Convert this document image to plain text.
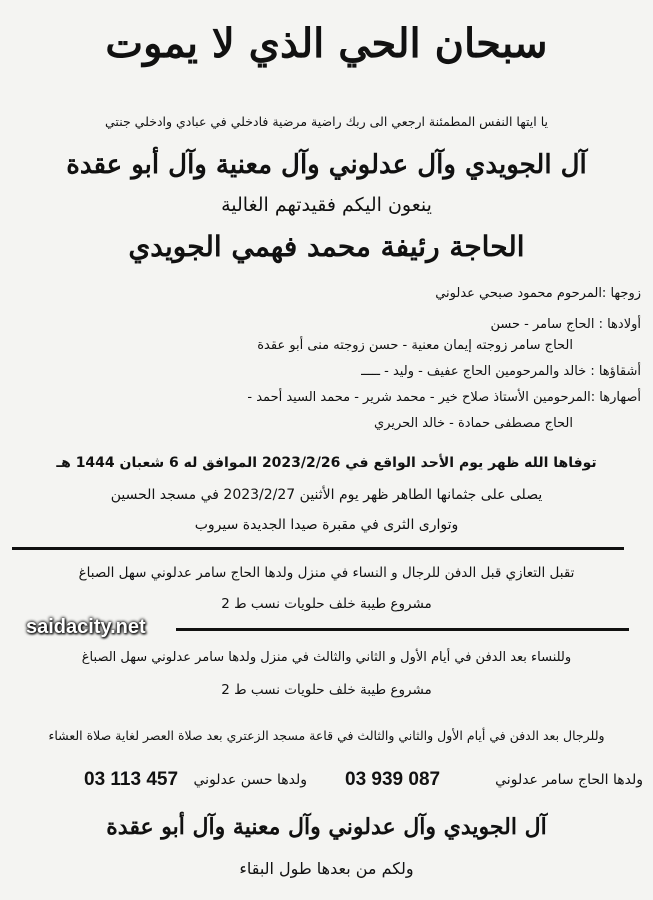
سبحان الحي الذي لا يموت
يا ايتها النفس المطمئنة ارجعي الى ربك راضية مرضية فادخلي في عبادي وادخلي جنتي
آل الجويدي وآل عدلوني وآل معنية وآل أبو عقدة
ينعون اليكم فقيدتهم الغالية
الحاجة رئيفة محمد فهمي الجويدي
زوجها :المرحوم محمود صبحي عدلوني
أولادها : الحاج سامر - حسن
الحاج سامر زوجته إيمان معنية - حسن زوجته منى أبو عقدة
أشقاؤها : خالد والمرحومين الحاج عفيف - وليد - ـــــ
أصهارها :المرحومين الأستاذ صلاح خير - محمد شرير - محمد السيد أحمد -
الحاج مصطفى حمادة - خالد الحريري
توفاها الله ظهر يوم الأحد الواقع في 2023/2/26 الموافق له 6 شعبان 1444 هـ
يصلى على جثمانها الطاهر ظهر يوم الأثنين 2023/2/27 في مسجد الحسين
وتوارى الثرى في مقبرة صيدا الجديدة سيروب
تقبل التعازي قبل الدفن للرجال و النساء في منزل ولدها الحاج سامر عدلوني سهل الصباغ
مشروع طيبة خلف حلويات نسب ط 2
وللنساء بعد الدفن في أيام الأول و الثاني والثالث في منزل ولدها سامر عدلوني سهل الصباغ
مشروع طيبة خلف حلويات نسب ط 2
وللرجال بعد الدفن في أيام الأول والثاني والثالث في قاعة مسجد الزعتري بعد صلاة العصر لغاية صلاة العشاء
ولدها الحاج سامر عدلوني
03 939 087
ولدها حسن عدلوني
03 113 457
آل الجويدي وآل عدلوني وآل معنية وآل أبو عقدة
ولكم من بعدها طول البقاء
saidacity.net
